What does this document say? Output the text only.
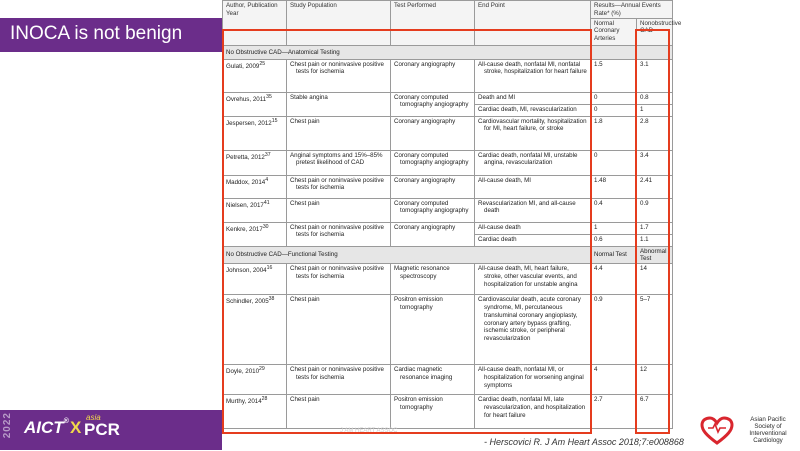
INOCA is not benign
2022 AICT® X
asia
PCR
Author, Publication Year	Study Population	Test Performed	End Point	Results—Annual Events Rate* (%)	
				Normal Coronary Arteries	Nonobstructive CAD
No Obstructive CAD—Anatomical Testing					
Gulati, 2009$^{25}$	Chest pain or noninvasive positive tests for ischemia	Coronary angiography	All-cause death, nonfatal MI, nonfatal stroke, hospitalization for heart failure	1.5	3.1
Ovrehus, 2011$^{35}$	Stable angina	Coronary computed tomography angiography	Death and MI	0	0.8
			Cardiac death, MI, revascularization	0	1
Jespersen, 2012$^{15}$	Chest pain	Coronary angiography	Cardiovascular mortality, hospitalization for MI, heart failure, or stroke	1.8	2.8
Petretta, 2012$^{37}$	Anginal symptoms and 15%–85% pretest likelihood of CAD	Coronary computed tomography angiography	Cardiac death, nonfatal MI, unstable angina, revascularization	0	3.4
Maddox, 2014$^4$	Chest pain or noninvasive positive tests for ischemia	Coronary angiography	All-cause death, MI	1.48	2.41
Nielsen, 2017$^{41}$	Chest pain	Coronary computed tomography angiography	Revascularization MI, and all-cause death	0.4	0.9
Kenkre, 2017$^{30}$	Chest pain or noninvasive positive tests for ischemia	Coronary angiography	All-cause death	1	1.7
			Cardiac death	0.6	1.1
No Obstructive CAD—Functional Testing				Normal Test	Abnormal Test
Johnson, 2004$^{16}$	Chest pain or noninvasive positive tests for ischemia	Magnetic resonance spectroscopy	All-cause death, MI, heart failure, stroke, other vascular events, and hospitalization for unstable angina	4.4	14
Schindler, 2005$^{38}$	Chest pain	Positron emission tomography	Cardiovascular death, acute coronary syndrome, MI, percutaneous transluminal coronary angioplasty, coronary artery bypass grafting, ischemic stroke, or peripheral revascularization	0.9	5–7
Doyle, 2010$^{29}$	Chest pain or noninvasive positive tests for ischemia	Cardiac magnetic resonance imaging	All-cause death, nonfatal MI, or hospitalization for worsening anginal symptoms	4	12
Murthy, 2014$^{28}$	Chest pain	Positron emission tomography	Cardiac death, nonfatal MI, late revascularization, and hospitalization for heart failure	2.7	6.7
J AM HEART ASSOC
- Herscovici R. J Am Heart Assoc 2018;7:e008868
Asian Pacific
Society of
Interventional
Cardiology
